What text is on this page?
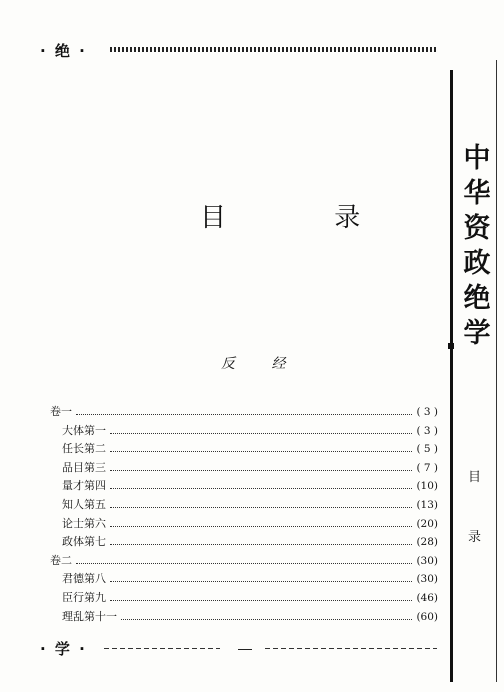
· 绝 ·
中华资政绝学
目
录
目 录
反 经
卷一	( 3 )
大体第一	( 3 )
任长第二	( 5 )
品目第三	( 7 )
量才第四	(10)
知人第五	(13)
论士第六	(20)
政体第七	(28)
卷二	(30)
君德第八	(30)
臣行第九	(46)
理乱第十一	(60)
· 学 ·
